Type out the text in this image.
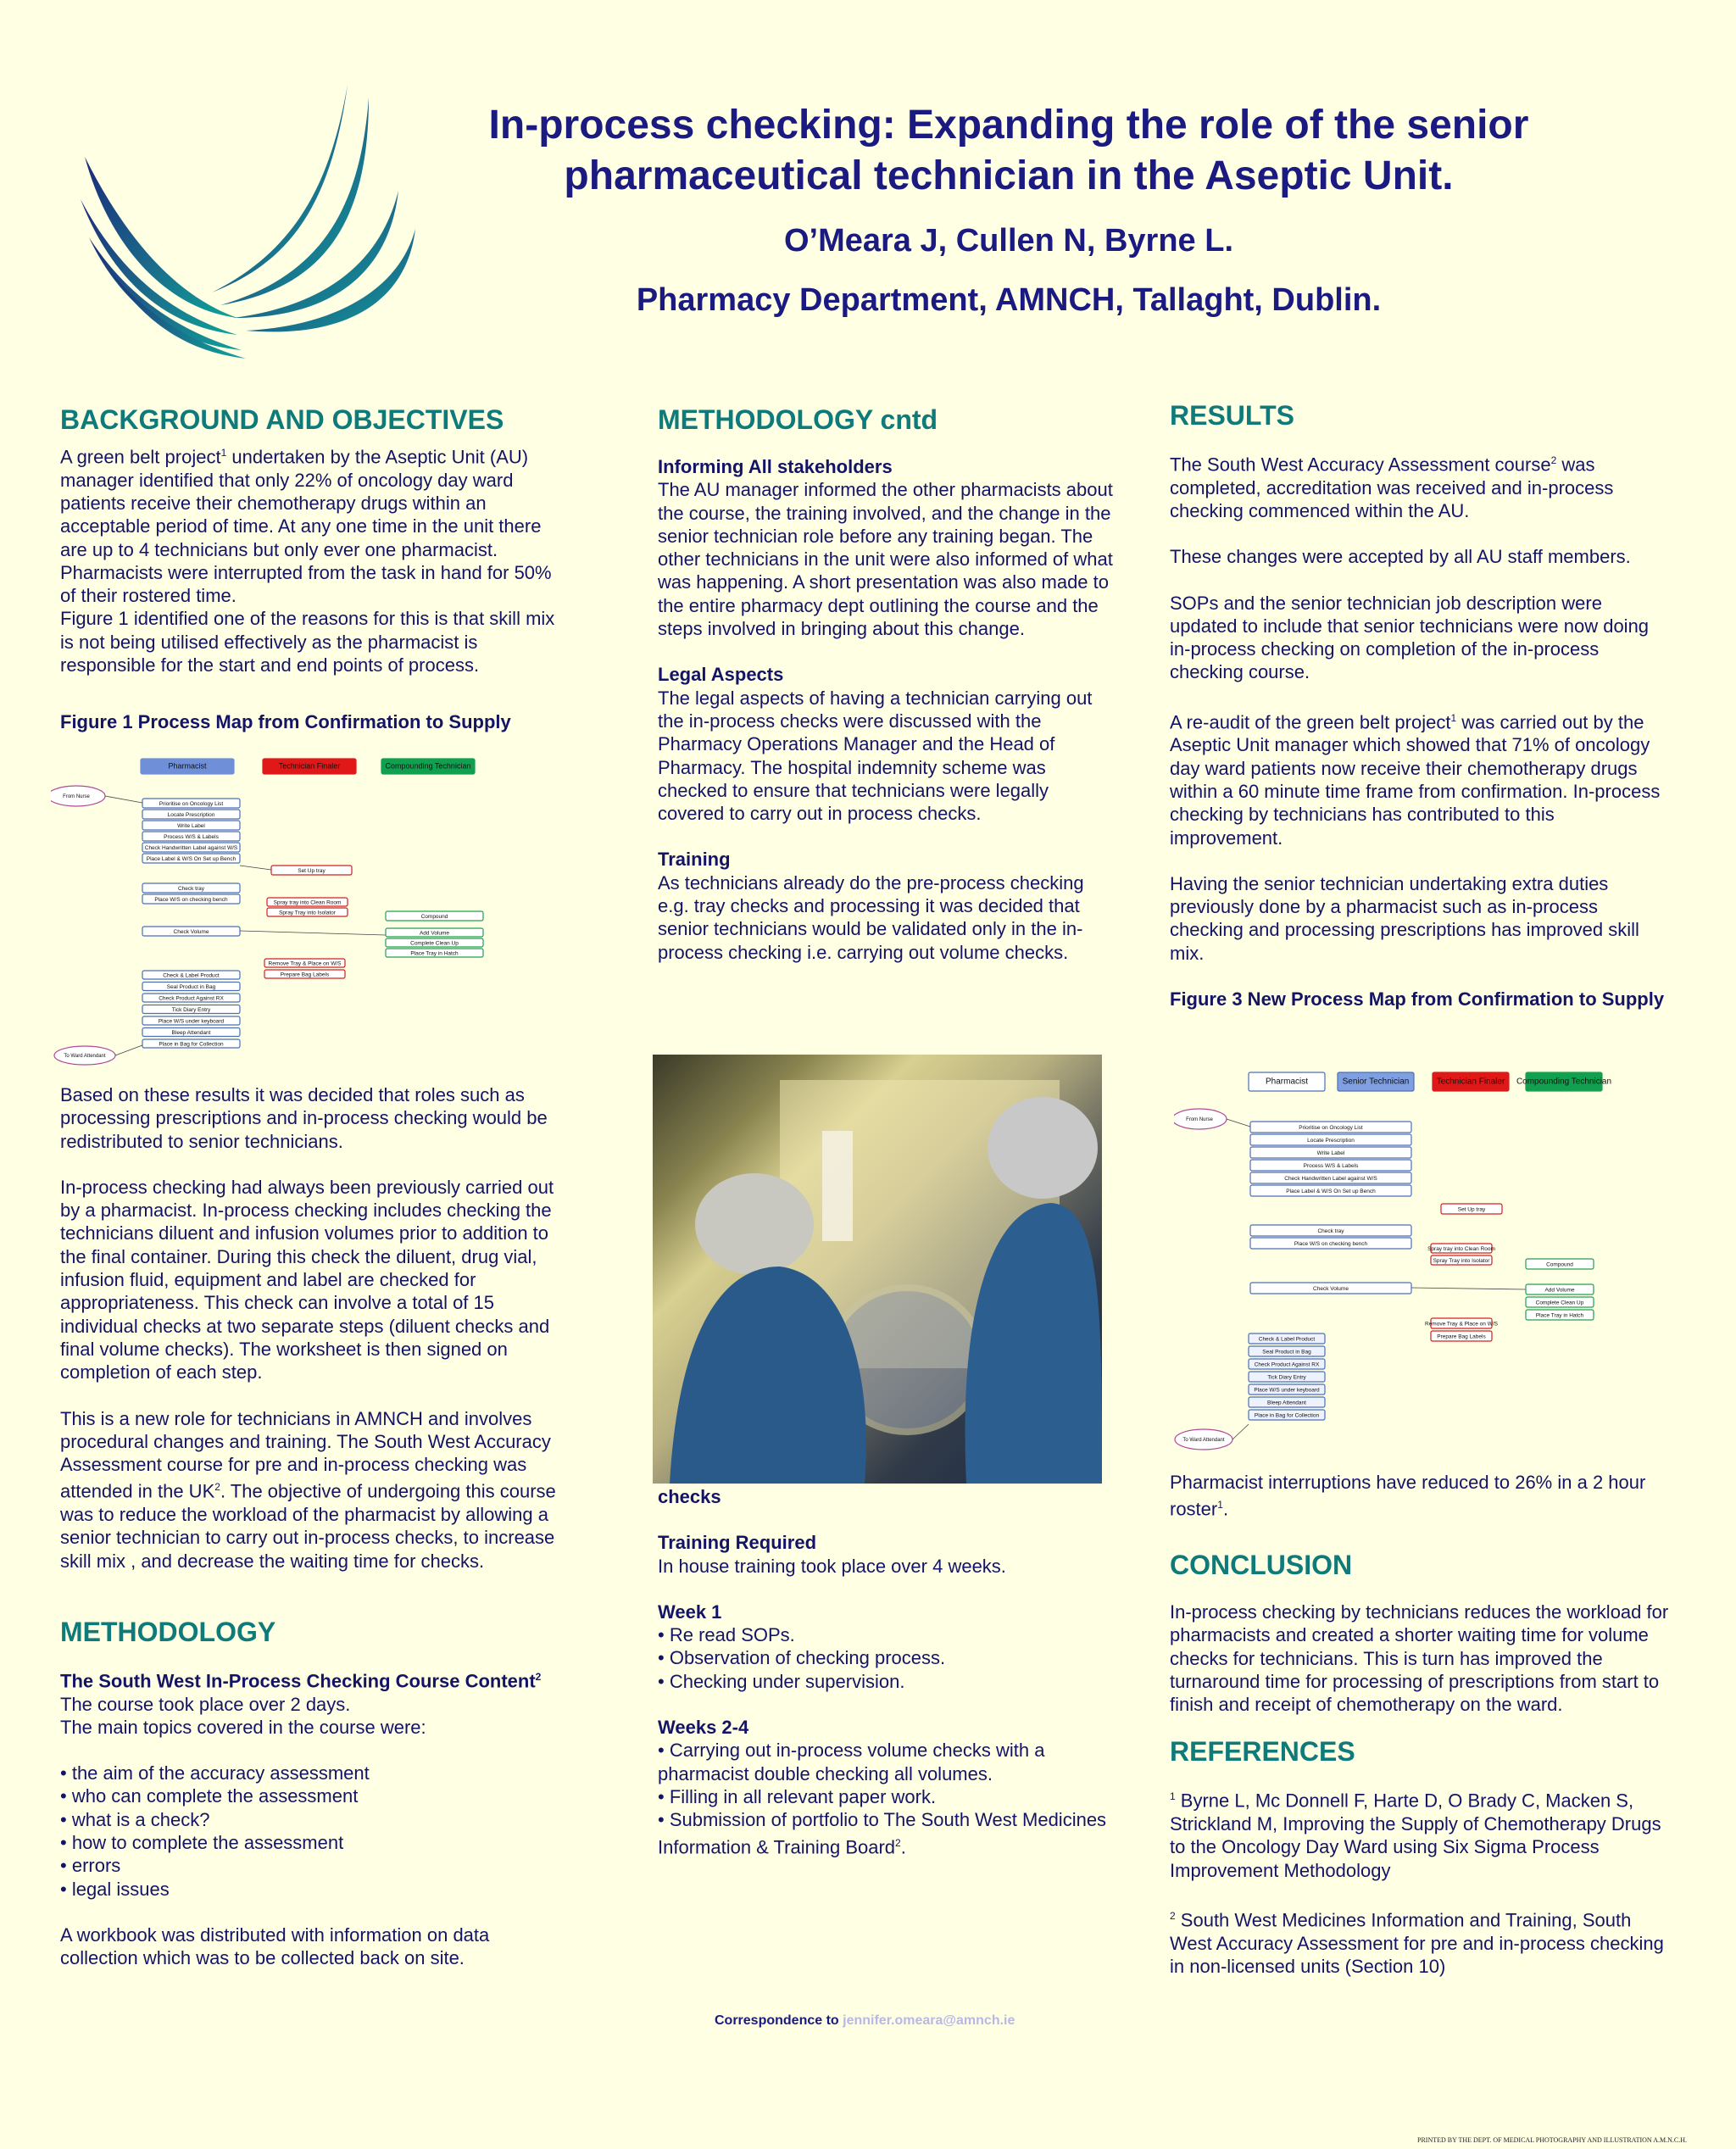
In-process checking: Expanding the role of the senior
pharmaceutical technician in the Aseptic Unit.
O’Meara J, Cullen N, Byrne L.
Pharmacy Department, AMNCH, Tallaght, Dublin.
BACKGROUND AND OBJECTIVES

A green belt project$^1$ undertaken by the Aseptic Unit (AU) manager identified that only 22% of oncology day ward patients receive their chemotherapy drugs within an acceptable period of time. At any one time in the unit there are up to 4 technicians but only ever one pharmacist. Pharmacists were interrupted from the task in hand for 50% of their rostered time.

Figure 1 identified one of the reasons for this is that skill mix is not being utilised effectively as the pharmacist is responsible for the start and end points of process.

Figure 1 Process Map from Confirmation to Supply
Pharmacist	Technician Finaler	Compounding Technician
From Nurse
Prioritise on Oncology List
Locate Prescription
Write Label
Process W/S & Labels
Check Handwritten Label against W/S
Place Label & W/S On Set up Bench
Set Up tray
Check tray
Place W/S on checking bench	Spray tray into Clean Room
Spray Tray into Isolator
Compound
Check Volume	Add Volume
Complete Clean Up
Place Tray in Hatch
Remove Tray & Place on W/S
Prepare Bag Labels
Check & Label Product
Seal Product in Bag
Check Product Against RX
Tick Diary Entry
Place W/S under keyboard
Bleep Attendant
Place in Bag for Collection
To Ward Attendant

Based on these results it was decided that roles such as processing prescriptions and in-process checking would be redistributed to senior technicians.

In-process checking had always been previously carried out by a pharmacist. In-process checking includes checking the technicians diluent and infusion volumes prior to addition to the final container. During this check the diluent, drug vial, infusion fluid, equipment and label are checked for appropriateness. This check can involve a total of 15 individual checks at two separate steps (diluent checks and final volume checks). The worksheet is then signed on completion of each step.

This is a new role for technicians in AMNCH and involves procedural changes and training. The South West Accuracy Assessment course for pre and in-process checking was attended in the $UK^2$. The objective of undergoing this course was to reduce the workload of the pharmacist by allowing a senior technician to carry out in-process checks, to increase skill mix , and decrease the waiting time for checks.

METHODOLOGY
The South West In-Process Checking Course Content$^2$

The course took place over 2 days.
The main topics covered in the course were:

• the aim of the accuracy assessment
• who can complete the assessment
• what is a check?
• how to complete the assessment
• errors
• legal issues

A workbook was distributed with information on data collection which was to be collected back on site.

METHODOLOGY cntd
Informing All stakeholders

The AU manager informed the other pharmacists about the course, the training involved, and the change in the senior technician role before any training began. The other technicians in the unit were also informed of what was happening. A short presentation was also made to the entire pharmacy dept outlining the course and the steps involved in bringing about this change.

Legal Aspects

The legal aspects of having a technician carrying out the in-process checks were discussed with the Pharmacy Operations Manager and the Head of Pharmacy. The hospital indemnity scheme was checked to ensure that technicians were legally covered to carry out in process checks.

Training

As technicians already do the pre-process checking e.g. tray checks and processing it was decided that senior technicians would be validated only in the in-process checking i.e. carrying out volume checks.

checks
Training Required

In house training took place over 4 weeks.

Week 1
• Re read SOPs.
• Observation of checking process.
• Checking under supervision.
Weeks 2-4
• Carrying out in-process volume checks with a pharmacist double checking all volumes.
• Filling in all relevant paper work.
• Submission of portfolio to The South West Medicines Information & Training Board$^2$.
Correspondence to jennifer.omeara@amnch.ie
RESULTS

The South West Accuracy Assessment course$^2$ was completed, accreditation was received and in-process checking commenced within the AU.

These changes were accepted by all AU staff members.

SOPs and the senior technician job description were updated to include that senior technicians were now doing in-process checking on completion of the in-process checking course.

A re-audit of the green belt project$^1$ was carried out by the Aseptic Unit manager which showed that 71% of oncology day ward patients now receive their chemotherapy drugs within a 60 minute time frame from confirmation. In-process checking by technicians has contributed to this improvement.

Having the senior technician undertaking extra duties previously done by a pharmacist such as in-process checking and processing prescriptions has improved skill mix.

Figure 3 New Process Map from Confirmation to Supply
Pharmacist	Senior Technician	Technician Finaler Compounding Technician
From Nurse
Prioritise on Oncology List
Locate Prescription
Write Label
Process W/S & Labels
Check Handwritten Label against W/S
Place Label & W/S On Set up Bench
Set Up tray
Check tray
Place W/S on checking bench
Spray tray into Clean Room
Spray Tray into Isolator
Compound
Check Volume	Add Volume
Complete Clean Up
Place Tray in Hatch
Remove Tray & Place on W/S
Prepare Bag Labels
Check & Label Product
Seal Product in Bag
Check Product Against RX
Tick Diary Entry
Place W/S under keyboard
Bleep Attendant
Place in Bag for Collection
To Ward Attendant

Pharmacist interruptions have reduced to 26% in a 2 hour roster$^1$.

CONCLUSION

In-process checking by technicians reduces the workload for pharmacists and created a shorter waiting time for volume checks for technicians. This is turn has improved the turnaround time for processing of prescriptions from start to finish and receipt of chemotherapy on the ward.

REFERENCES

$^1$ Byrne L, Mc Donnell F, Harte D, O Brady C, Macken S, Strickland M, Improving the Supply of Chemotherapy Drugs to the Oncology Day Ward using Six Sigma Process Improvement Methodology

$^2$ South West Medicines Information and Training, South West Accuracy Assessment for pre and in-process checking in non-licensed units (Section 10)

PRINTED BY THE DEPT. OF MEDICAL PHOTOGRAPHY AND ILLUSTRATION A.M.N.C.H.
